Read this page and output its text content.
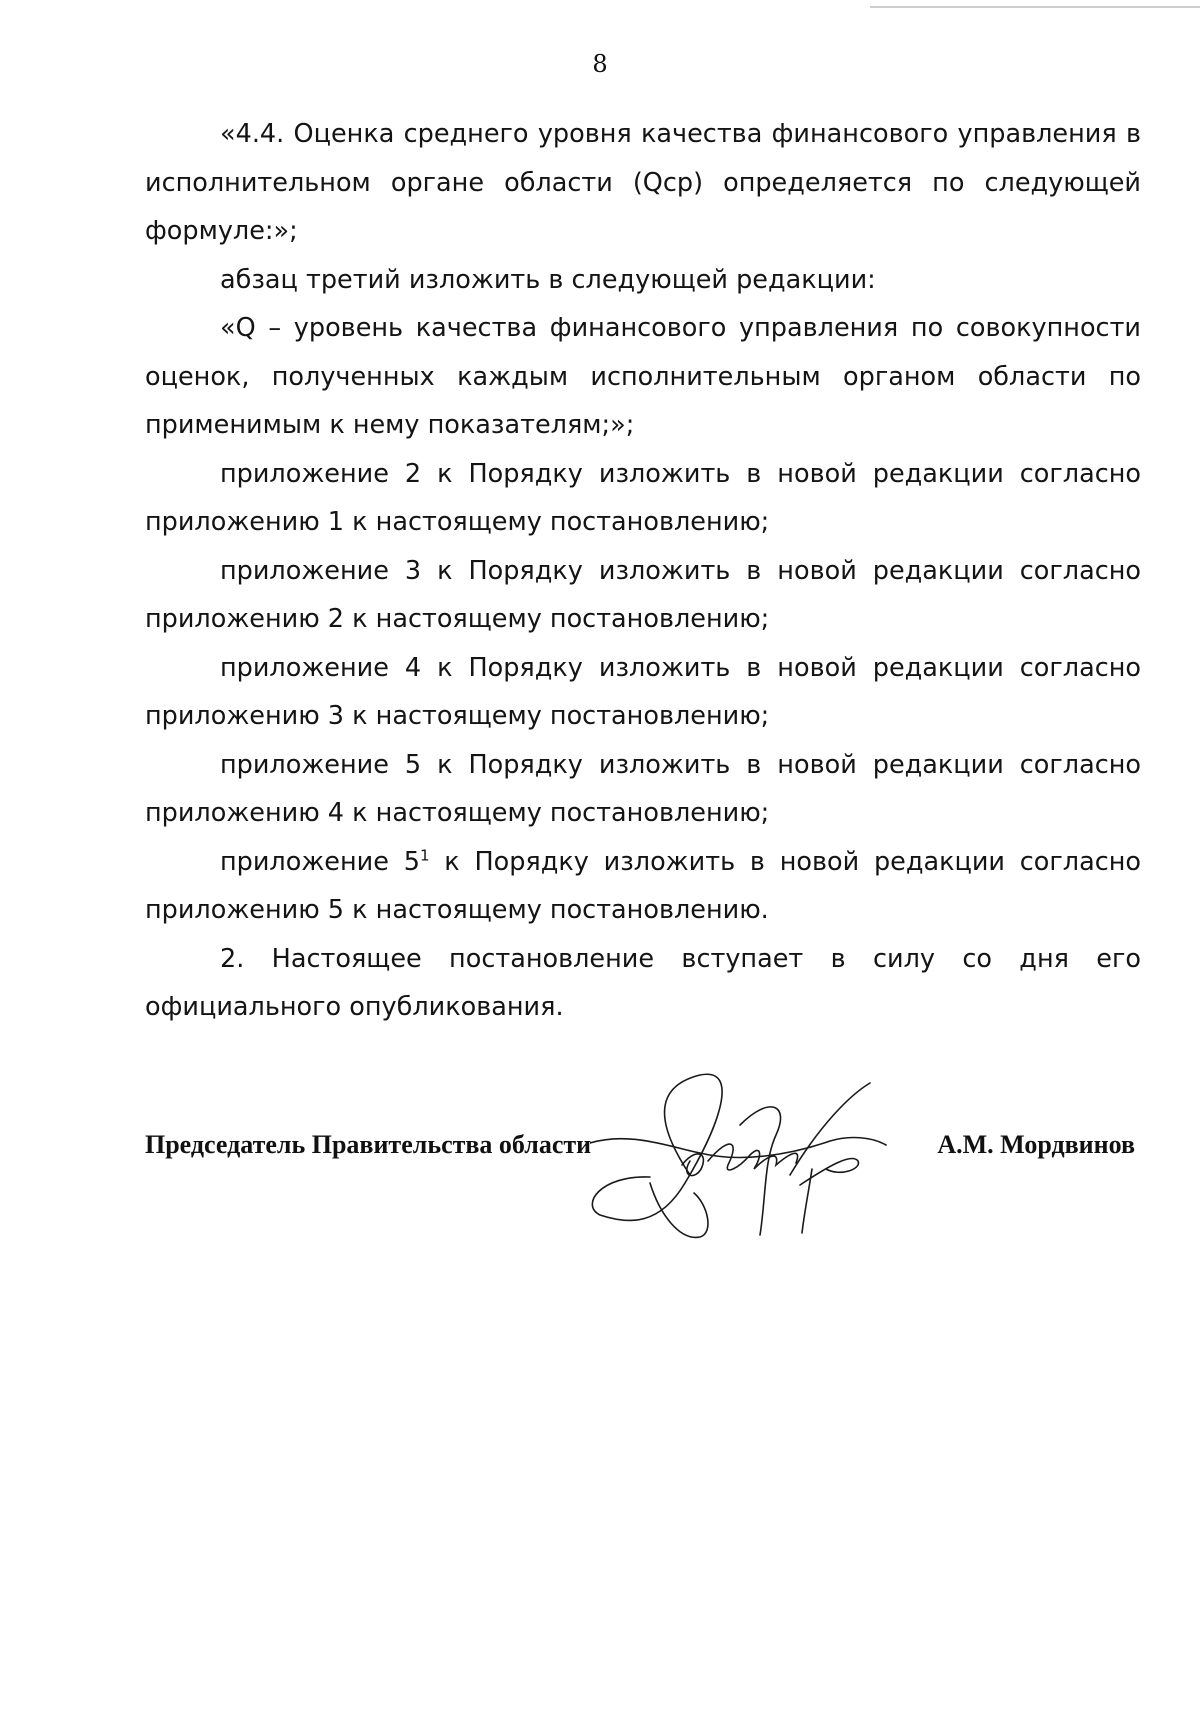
8

«4.4. Оценка среднего уровня качества финансового управления в исполнительном органе области (Qср) определяется по следующей формуле:»;

абзац третий изложить в следующей редакции:

«Q – уровень качества финансового управления по совокупности оценок, полученных каждым исполнительным органом области по применимым к нему показателям;»;

приложение 2 к Порядку изложить в новой редакции согласно приложению 1 к настоящему постановлению;

приложение 3 к Порядку изложить в новой редакции согласно приложению 2 к настоящему постановлению;

приложение 4 к Порядку изложить в новой редакции согласно приложению 3 к настоящему постановлению;

приложение 5 к Порядку изложить в новой редакции согласно приложению 4 к настоящему постановлению;

приложение $5^1$ к Порядку изложить в новой редакции согласно приложению 5 к настоящему постановлению.

2. Настоящее постановление вступает в силу со дня его официального опубликования.

Председатель Правительства области	А.М. Мордвинов
